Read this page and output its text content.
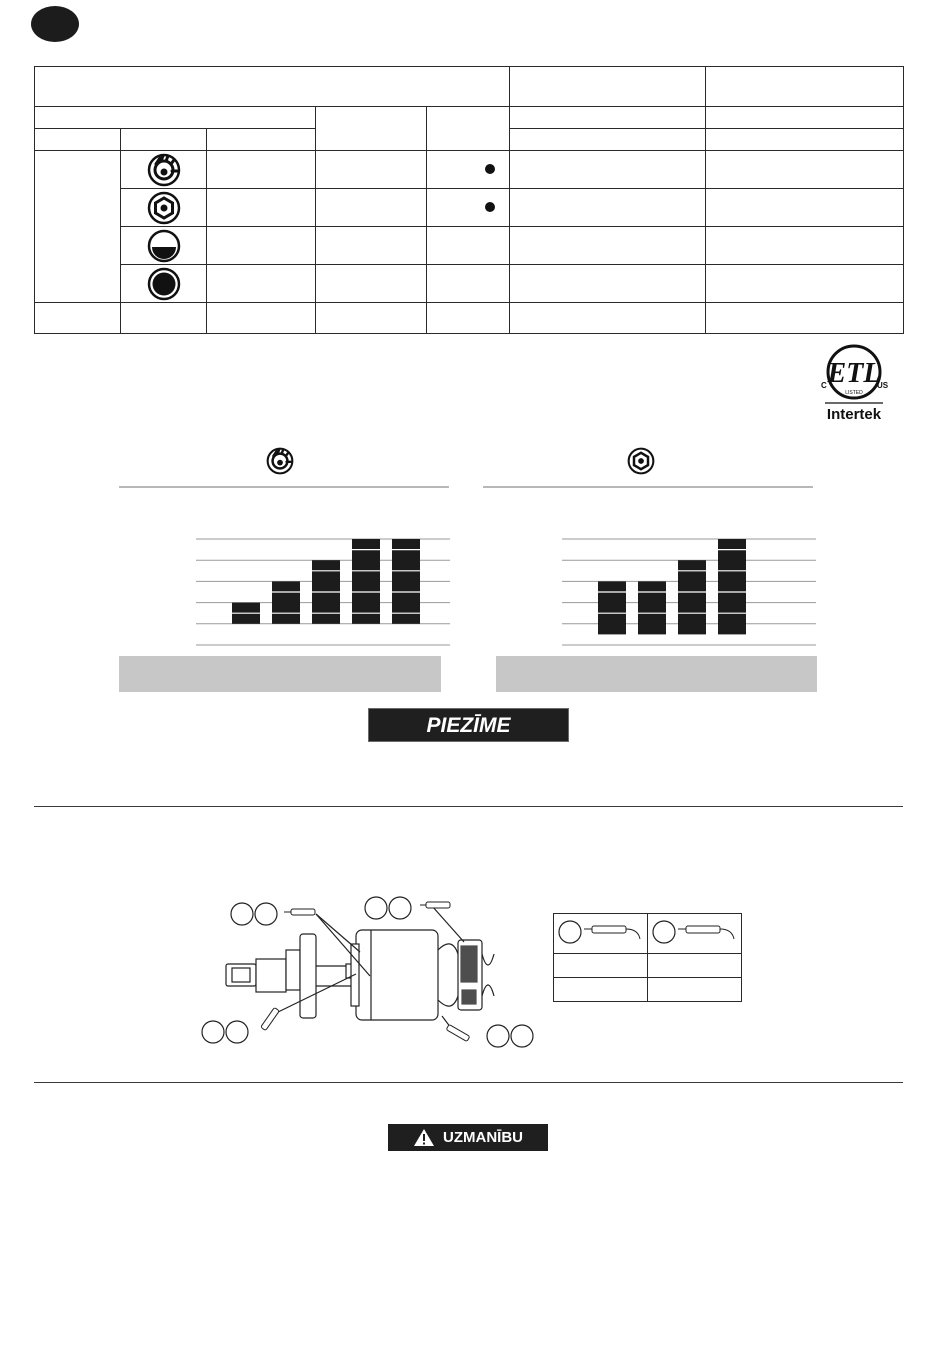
ETL
LISTED
C	US
Intertek
PIEZĪME

UZMANĪBU
